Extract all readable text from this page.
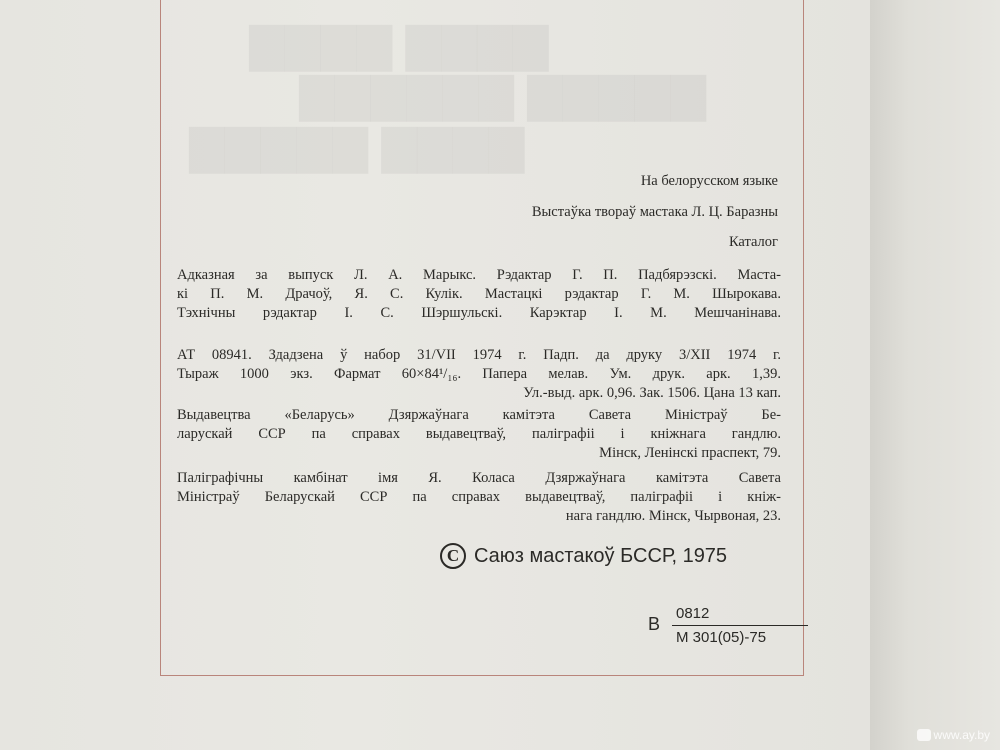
▇▇▇▇ ▇▇▇▇
▇▇▇▇▇▇ ▇▇▇▇▇
▇▇▇▇▇ ▇▇▇▇
На белорусском языке
Выстаўка твораў мастака Л. Ц. Баразны
Каталог
Адказная за выпуск Л. А. Марыкс. Рэдактар Г. П. Падбярэзскі. Маста-
кі П. М. Драчоў, Я. С. Кулік. Мастацкі рэдактар Г. М. Шырокава.
Тэхнічны рэдактар І. С. Шэршульскі. Карэктар І. М. Мешчанінава.
АТ 08941. Здадзена ў набор 31/VII 1974 г. Падп. да друку 3/XII 1974 г.
Тыраж 1000 экз. Фармат 60×84¹/₁₆. Папера мелав. Ум. друк. арк. 1,39.
Ул.-выд. арк. 0,96. Зак. 1506. Цана 13 кап.
Выдавецтва «Беларусь» Дзяржаўнага камітэта Савета Міністраў Бе-
ларускай ССР па справах выдавецтваў, паліграфіі і кніжнага гандлю.
Мінск, Ленінскі праспект, 79.
Паліграфічны камбінат імя Я. Коласа Дзяржаўнага камітэта Савета
Міністраў Беларускай ССР па справах выдавецтваў, паліграфіі і кніж-
нага гандлю. Мінск, Чырвоная, 23.
C Саюз мастакоў БССР, 1975
В
0812
М 301(05)-75
www.ay.by
